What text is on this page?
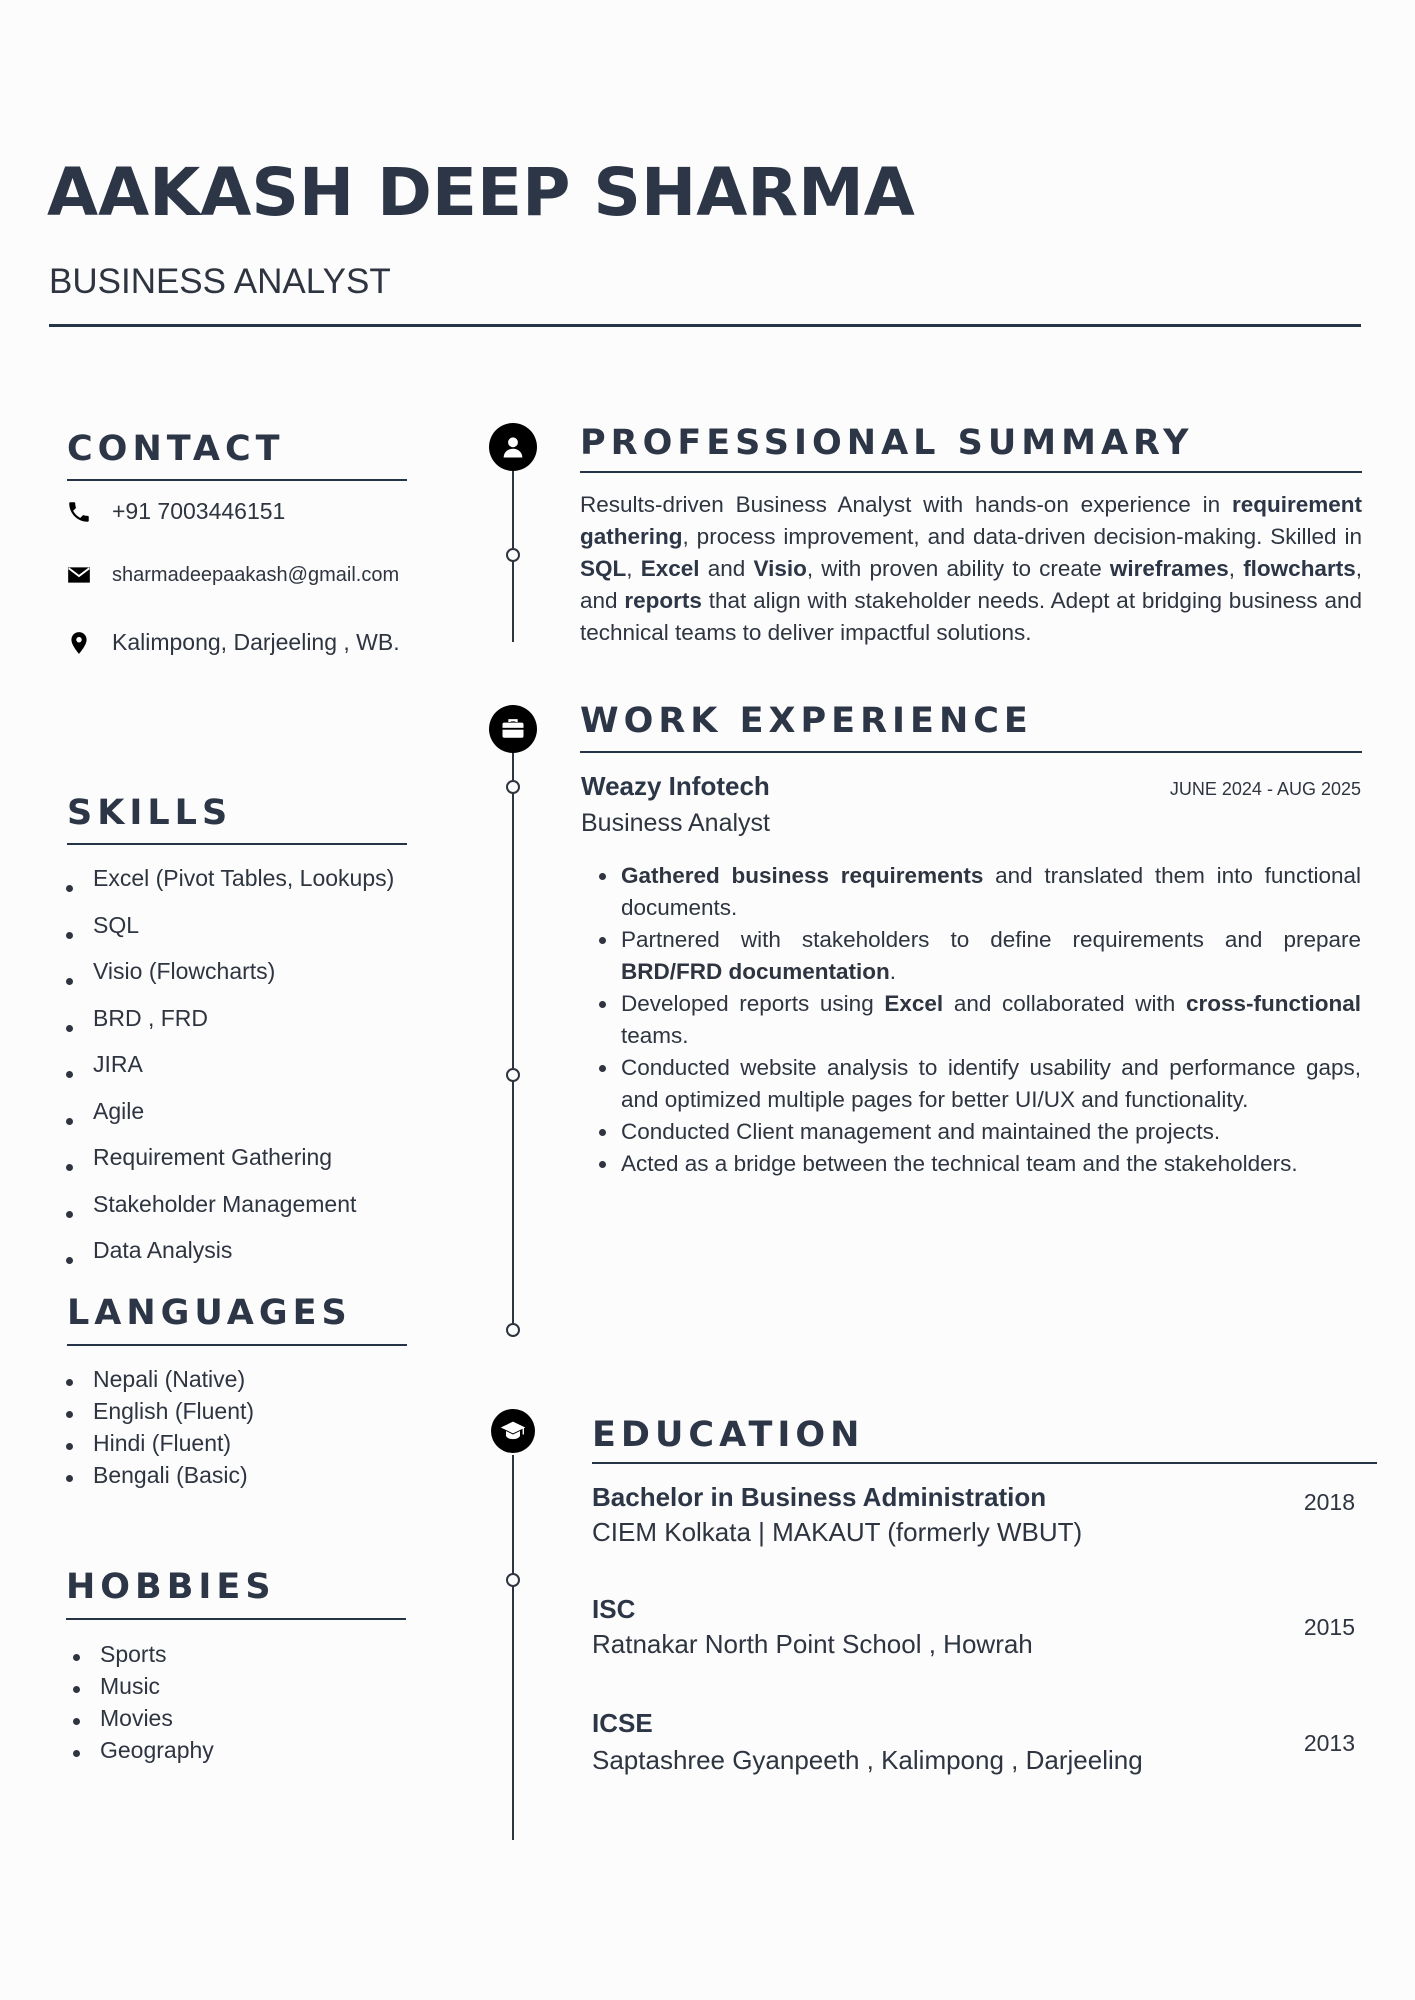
AAKASH DEEP SHARMA
BUSINESS ANALYST
CONTACT
+91 7003446151
sharmadeepaakash@gmail.com
Kalimpong, Darjeeling , WB.
SKILLS
Excel (Pivot Tables, Lookups)
SQL
Visio (Flowcharts)
BRD , FRD
JIRA
Agile
Requirement Gathering
Stakeholder Management
Data Analysis
LANGUAGES
Nepali (Native)
English (Fluent)
Hindi (Fluent)
Bengali (Basic)
HOBBIES
Sports
Music
Movies
Geography
PROFESSIONAL SUMMARY

Results-driven Business Analyst with hands-on experience in requirement gathering, process improvement, and data-driven decision-making. Skilled in SQL, Excel and Visio, with proven ability to create wireframes, flowcharts, and reports that align with stakeholder needs. Adept at bridging business and technical teams to deliver impactful solutions.

WORK EXPERIENCE
Weazy Infotech	JUNE 2024 - AUG 2025
Business Analyst
Gathered business requirements and translated them into functional documents.
Partnered with stakeholders to define requirements and prepare BRD/FRD documentation.
Developed reports using Excel and collaborated with cross-functional teams.
Conducted website analysis to identify usability and performance gaps, and optimized multiple pages for better UI/UX and functionality.
Conducted Client management and maintained the projects.
Acted as a bridge between the technical team and the stakeholders.
EDUCATION
Bachelor in Business Administration
CIEM Kolkata | MAKAUT (formerly WBUT)
2018
ISC
Ratnakar North Point School , Howrah
2015
ICSE
Saptashree Gyanpeeth , Kalimpong , Darjeeling
2013
